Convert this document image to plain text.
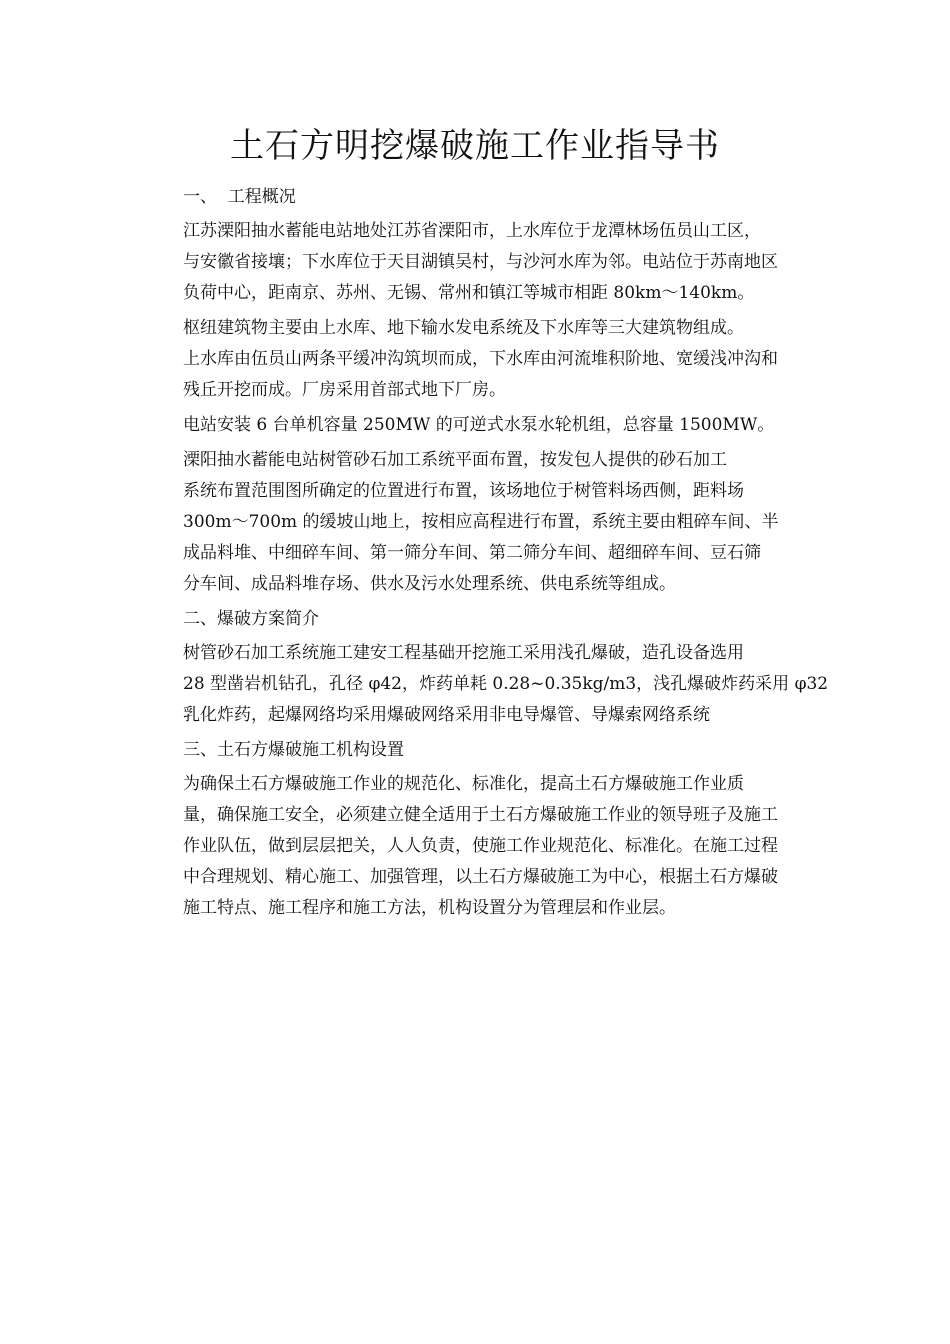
土石方明挖爆破施工作业指导书

一、  工程概况

江苏溧阳抽水蓄能电站地处江苏省溧阳市，上水库位于龙潭林场伍员山工区，
与安徽省接壤；下水库位于天目湖镇吴村，与沙河水库为邻。电站位于苏南地区
负荷中心，距南京、苏州、无锡、常州和镇江等城市相距 80km～140km。

枢纽建筑物主要由上水库、地下输水发电系统及下水库等三大建筑物组成。
上水库由伍员山两条平缓冲沟筑坝而成，下水库由河流堆积阶地、宽缓浅冲沟和
残丘开挖而成。厂房采用首部式地下厂房。

电站安装 6 台单机容量 250MW 的可逆式水泵水轮机组，总容量 1500MW。

溧阳抽水蓄能电站树管砂石加工系统平面布置，按发包人提供的砂石加工
系统布置范围图所确定的位置进行布置，该场地位于树管料场西侧，距料场
300m～700m 的缓坡山地上，按相应高程进行布置，系统主要由粗碎车间、半
成品料堆、中细碎车间、第一筛分车间、第二筛分车间、超细碎车间、豆石筛
分车间、成品料堆存场、供水及污水处理系统、供电系统等组成。

二、爆破方案简介

树管砂石加工系统施工建安工程基础开挖施工采用浅孔爆破，造孔设备选用
28 型凿岩机钻孔，孔径 φ42，炸药单耗 0.28~0.35kg/m3，浅孔爆破炸药采用 φ32
乳化炸药，起爆网络均采用爆破网络采用非电导爆管、导爆索网络系统

三、土石方爆破施工机构设置

为确保土石方爆破施工作业的规范化、标准化，提高土石方爆破施工作业质
量，确保施工安全，必须建立健全适用于土石方爆破施工作业的领导班子及施工
作业队伍，做到层层把关，人人负责，使施工作业规范化、标准化。在施工过程
中合理规划、精心施工、加强管理，以土石方爆破施工为中心，根据土石方爆破
施工特点、施工程序和施工方法，机构设置分为管理层和作业层。
